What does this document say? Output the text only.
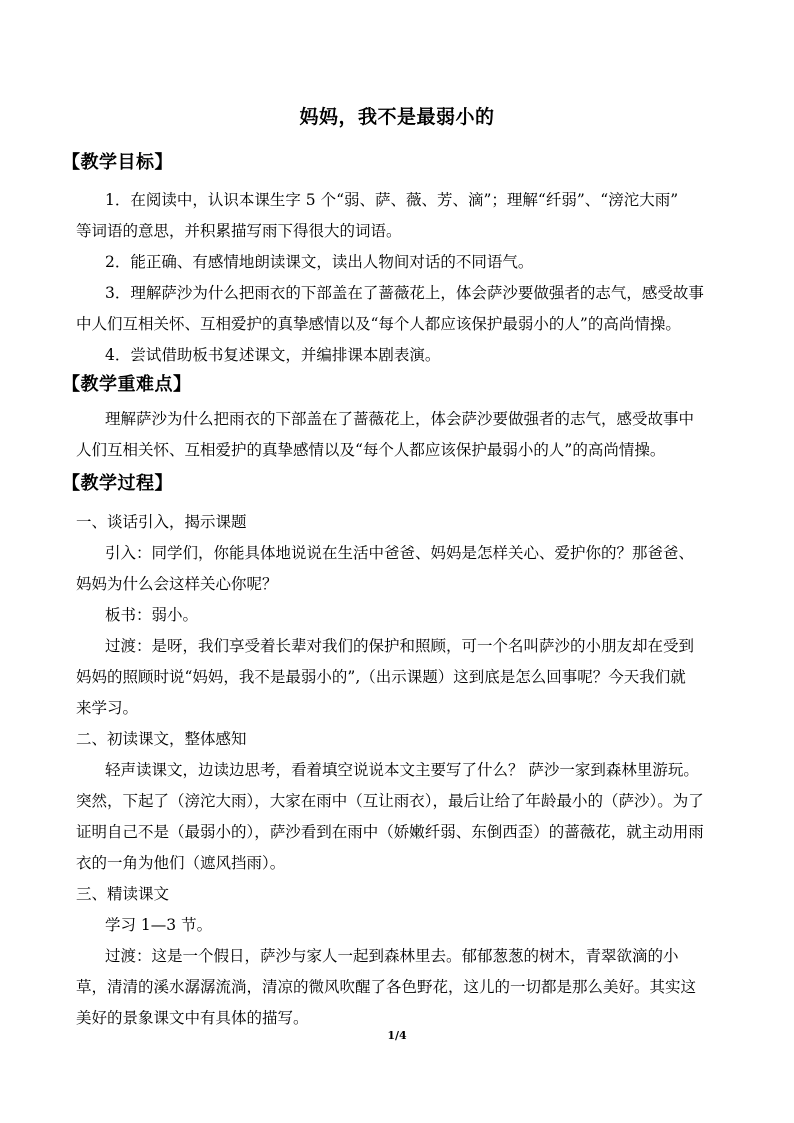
妈妈，我不是最弱小的
【教学目标】
1．在阅读中，认识本课生字 5 个“弱、萨、薇、芳、滴”；理解“纤弱”、“滂沱大雨”
等词语的意思，并积累描写雨下得很大的词语。
2．能正确、有感情地朗读课文，读出人物间对话的不同语气。
3．理解萨沙为什么把雨衣的下部盖在了蔷薇花上，体会萨沙要做强者的志气，感受故事
中人们互相关怀、互相爱护的真挚感情以及“每个人都应该保护最弱小的人”的高尚情操。
4．尝试借助板书复述课文，并编排课本剧表演。
【教学重难点】
理解萨沙为什么把雨衣的下部盖在了蔷薇花上，体会萨沙要做强者的志气，感受故事中
人们互相关怀、互相爱护的真挚感情以及“每个人都应该保护最弱小的人”的高尚情操。
【教学过程】
一、谈话引入，揭示课题
引入：同学们，你能具体地说说在生活中爸爸、妈妈是怎样关心、爱护你的？那爸爸、
妈妈为什么会这样关心你呢？
板书：弱小。
过渡：是呀，我们享受着长辈对我们的保护和照顾，可一个名叫萨沙的小朋友却在受到
妈妈的照顾时说“妈妈，我不是最弱小的”,（出示课题）这到底是怎么回事呢？今天我们就
来学习。
二、初读课文，整体感知
轻声读课文，边读边思考，看着填空说说本文主要写了什么？ 萨沙一家到森林里游玩。
突然，下起了（滂沱大雨），大家在雨中（互让雨衣），最后让给了年龄最小的（萨沙）。为了
证明自己不是（最弱小的），萨沙看到在雨中（娇嫩纤弱、东倒西歪）的蔷薇花，就主动用雨
衣的一角为他们（遮风挡雨）。
三、精读课文
学习 1—3 节。
过渡：这是一个假日，萨沙与家人一起到森林里去。郁郁葱葱的树木，青翠欲滴的小
草，清清的溪水潺潺流淌，清凉的微风吹醒了各色野花，这儿的一切都是那么美好。其实这
美好的景象课文中有具体的描写。
1/4
